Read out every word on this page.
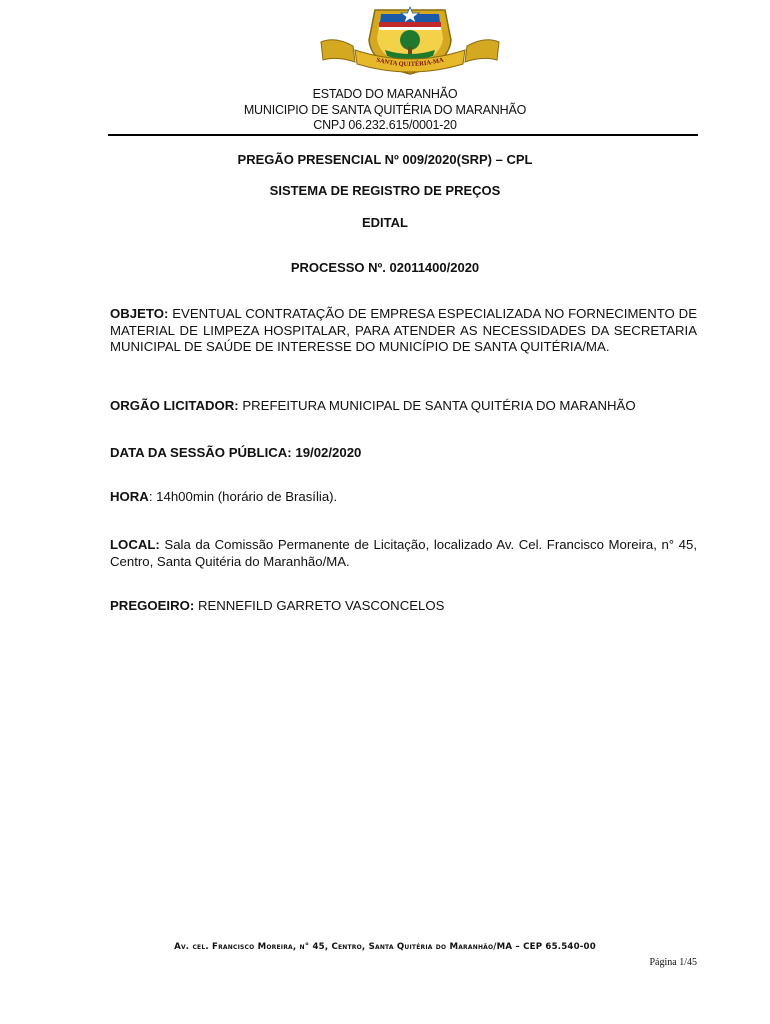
SANTA QUITÉRIA-MA
ESTADO DO MARANHÃO
MUNICIPIO DE SANTA QUITÉRIA DO MARANHÃO
CNPJ 06.232.615/0001-20
PREGÃO PRESENCIAL Nº 009/2020(SRP) – CPL
SISTEMA DE REGISTRO DE PREÇOS
EDITAL
PROCESSO Nº. 02011400/2020
OBJETO: EVENTUAL CONTRATAÇÃO DE EMPRESA ESPECIALIZADA NO FORNECIMENTO DE MATERIAL DE LIMPEZA HOSPITALAR, PARA ATENDER AS NECESSIDADES DA SECRETARIA MUNICIPAL DE SAÚDE DE INTERESSE DO MUNICÍPIO DE SANTA QUITÉRIA/MA.
ORGÃO LICITADOR: PREFEITURA MUNICIPAL DE SANTA QUITÉRIA DO MARANHÃO
DATA DA SESSÃO PÚBLICA: 19/02/2020
HORA: 14h00min (horário de Brasília).
LOCAL: Sala da Comissão Permanente de Licitação, localizado Av. Cel. Francisco Moreira, n° 45, Centro, Santa Quitéria do Maranhão/MA.
PREGOEIRO: RENNEFILD GARRETO VASCONCELOS
Av. cel. Francisco Moreira, n° 45, Centro, Santa Quitéria do Maranhão/MA – CEP 65.540-00
Página 1/45
